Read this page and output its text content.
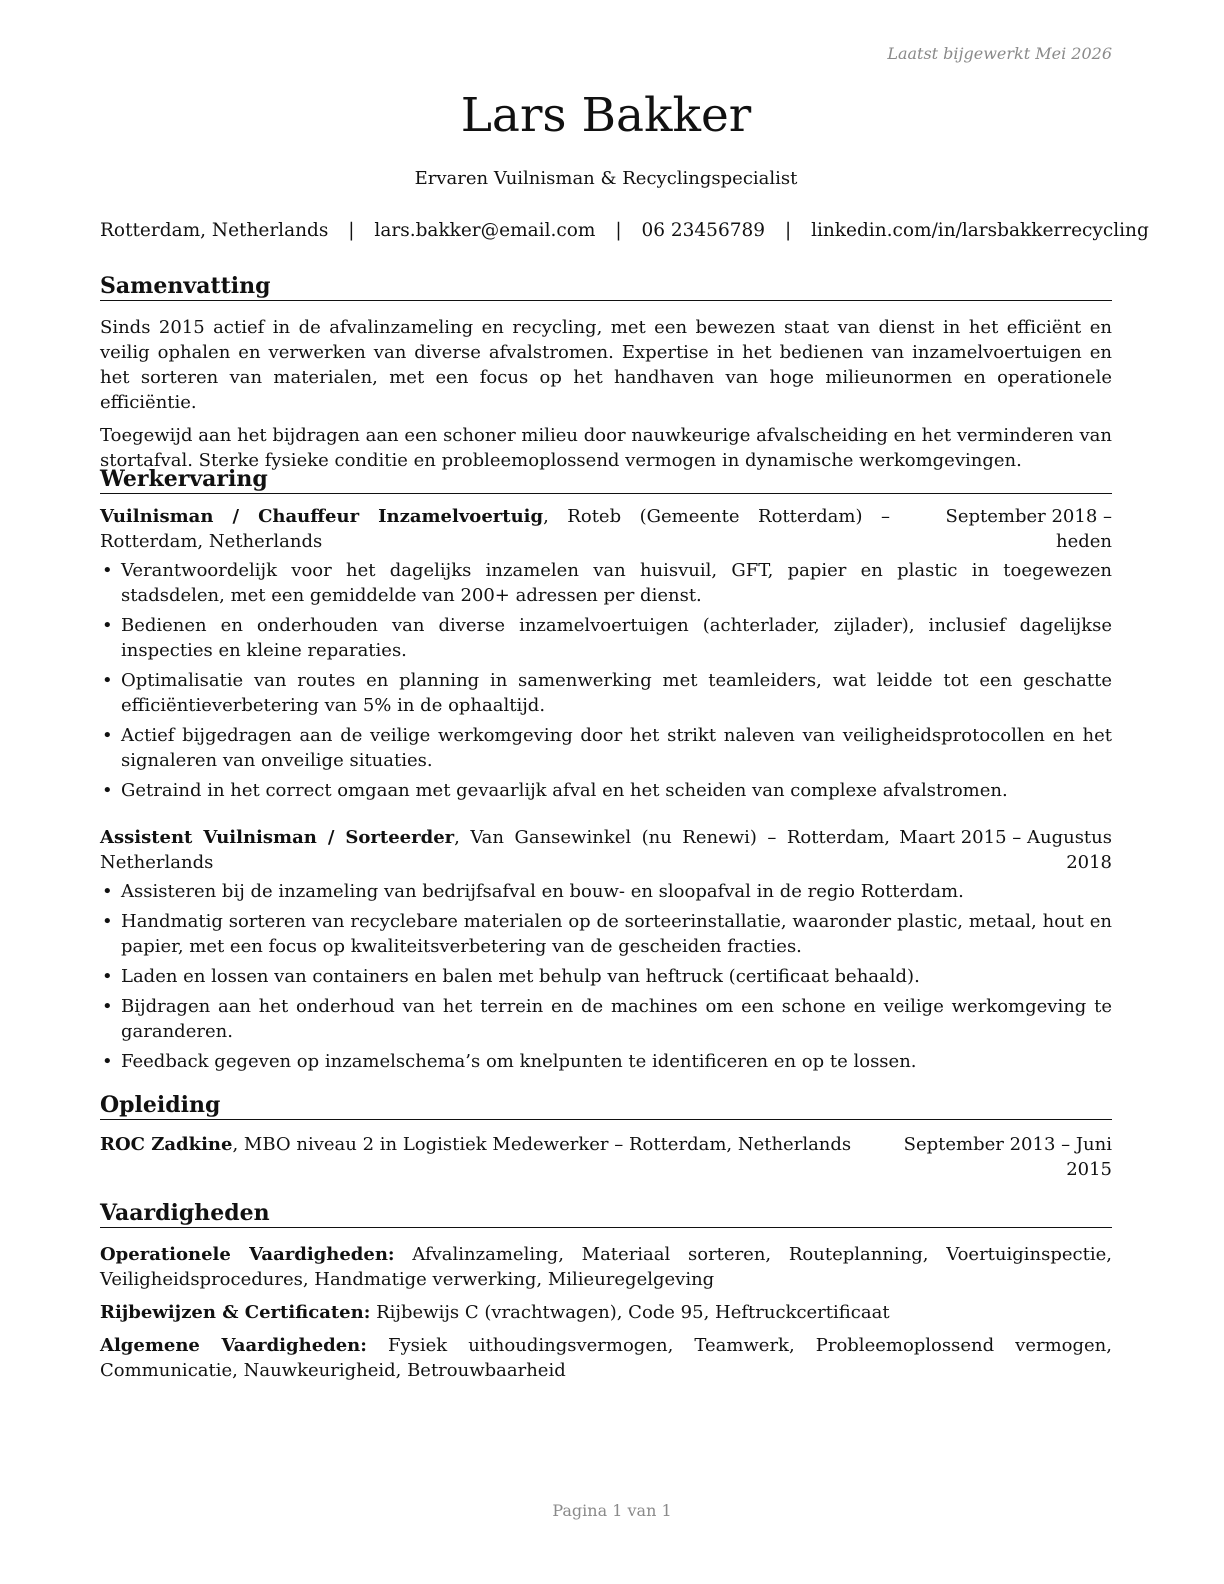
Laatst bijgewerkt Mei 2026
Lars Bakker
Ervaren Vuilnisman & Recyclingspecialist
Rotterdam, Netherlands | lars.bakker@email.com | 06 23456789 | linkedin.com/in/larsbakkerrecycling
Samenvatting

Sinds 2015 actief in de afvalinzameling en recycling, met een bewezen staat van dienst in het efficiënt en veilig ophalen en verwerken van diverse afvalstromen. Expertise in het bedienen van inzamelvoertuigen en het sorteren van materialen, met een focus op het handhaven van hoge milieunormen en operationele efficiëntie.

Toegewijd aan het bijdragen aan een schoner milieu door nauwkeurige afvalscheiding en het verminderen van stortafval. Sterke fysieke conditie en probleemoplossend vermogen in dynamische werkomgevingen.

Werkervaring
Vuilnisman / Chauffeur Inzamelvoertuig, Roteb (Gemeente Rotterdam) – Rotterdam, Netherlands
September 2018 – heden
• Verantwoordelijk voor het dagelijks inzamelen van huisvuil, GFT, papier en plastic in toegewezen stadsdelen, met een gemiddelde van 200+ adressen per dienst.
• Bedienen en onderhouden van diverse inzamelvoertuigen (achterlader, zijlader), inclusief dagelijkse inspecties en kleine reparaties.
• Optimalisatie van routes en planning in samenwerking met teamleiders, wat leidde tot een geschatte efficiëntieverbetering van 5% in de ophaaltijd.
• Actief bijgedragen aan de veilige werkomgeving door het strikt naleven van veiligheidsprotocollen en het signaleren van onveilige situaties.
• Getraind in het correct omgaan met gevaarlijk afval en het scheiden van complexe afvalstromen.
Assistent Vuilnisman / Sorteerder, Van Gansewinkel (nu Renewi) – Rotterdam, Netherlands
Maart 2015 – Augustus 2018
• Assisteren bij de inzameling van bedrijfsafval en bouw- en sloopafval in de regio Rotterdam.
• Handmatig sorteren van recyclebare materialen op de sorteerinstallatie, waaronder plastic, metaal, hout en papier, met een focus op kwaliteitsverbetering van de gescheiden fracties.
• Laden en lossen van containers en balen met behulp van heftruck (certificaat behaald).
• Bijdragen aan het onderhoud van het terrein en de machines om een schone en veilige werkomgeving te garanderen.
• Feedback gegeven op inzamelschema’s om knelpunten te identificeren en op te lossen.
Opleiding
ROC Zadkine, MBO niveau 2 in Logistiek Medewerker – Rotterdam, Netherlands	September 2013 – Juni 2015
Vaardigheden

Operationele Vaardigheden: Afvalinzameling, Materiaal sorteren, Routeplanning, Voertuiginspectie, Veiligheidsprocedures, Handmatige verwerking, Milieuregelgeving

Rijbewijzen & Certificaten: Rijbewijs C (vrachtwagen), Code 95, Heftruckcertificaat

Algemene Vaardigheden: Fysiek uithoudingsvermogen, Teamwerk, Probleemoplossend vermogen, Communicatie, Nauwkeurigheid, Betrouwbaarheid

Pagina 1 van 1
